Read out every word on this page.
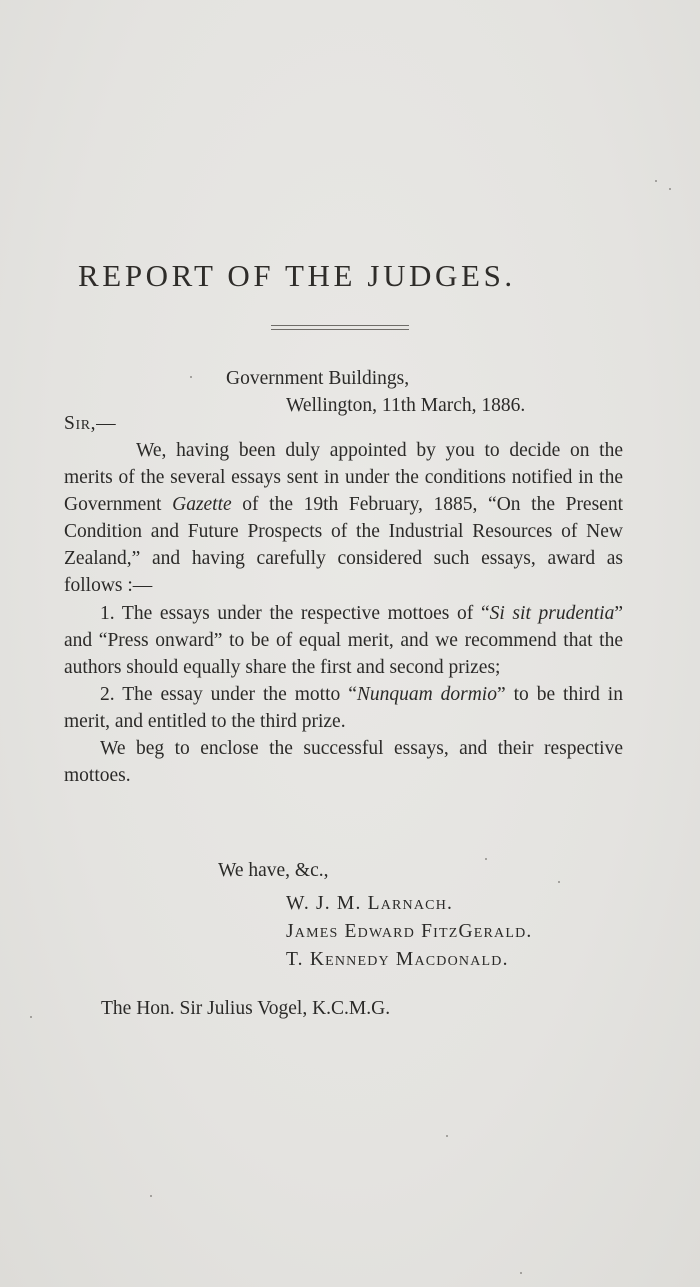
REPORT OF THE JUDGES.
Government Buildings,
Wellington, 11th March, 1886.
Sir,—

We, having been duly appointed by you to decide on the merits of the several essays sent in under the conditions notified in the Government Gazette of the 19th February, 1885, “On the Present Condition and Future Prospects of the Industrial Resources of New Zealand,” and having carefully considered such essays, award as follows :—

1. The essays under the respective mottoes of “Si sit prudentia” and “Press onward” to be of equal merit, and we recommend that the authors should equally share the first and second prizes;

2. The essay under the motto “Nunquam dormio” to be third in merit, and entitled to the third prize.

We beg to enclose the successful essays, and their respective mottoes.

We have, &c.,
W. J. M. Larnach.
James Edward FitzGerald.
T. Kennedy Macdonald.
The Hon. Sir Julius Vogel, K.C.M.G.
